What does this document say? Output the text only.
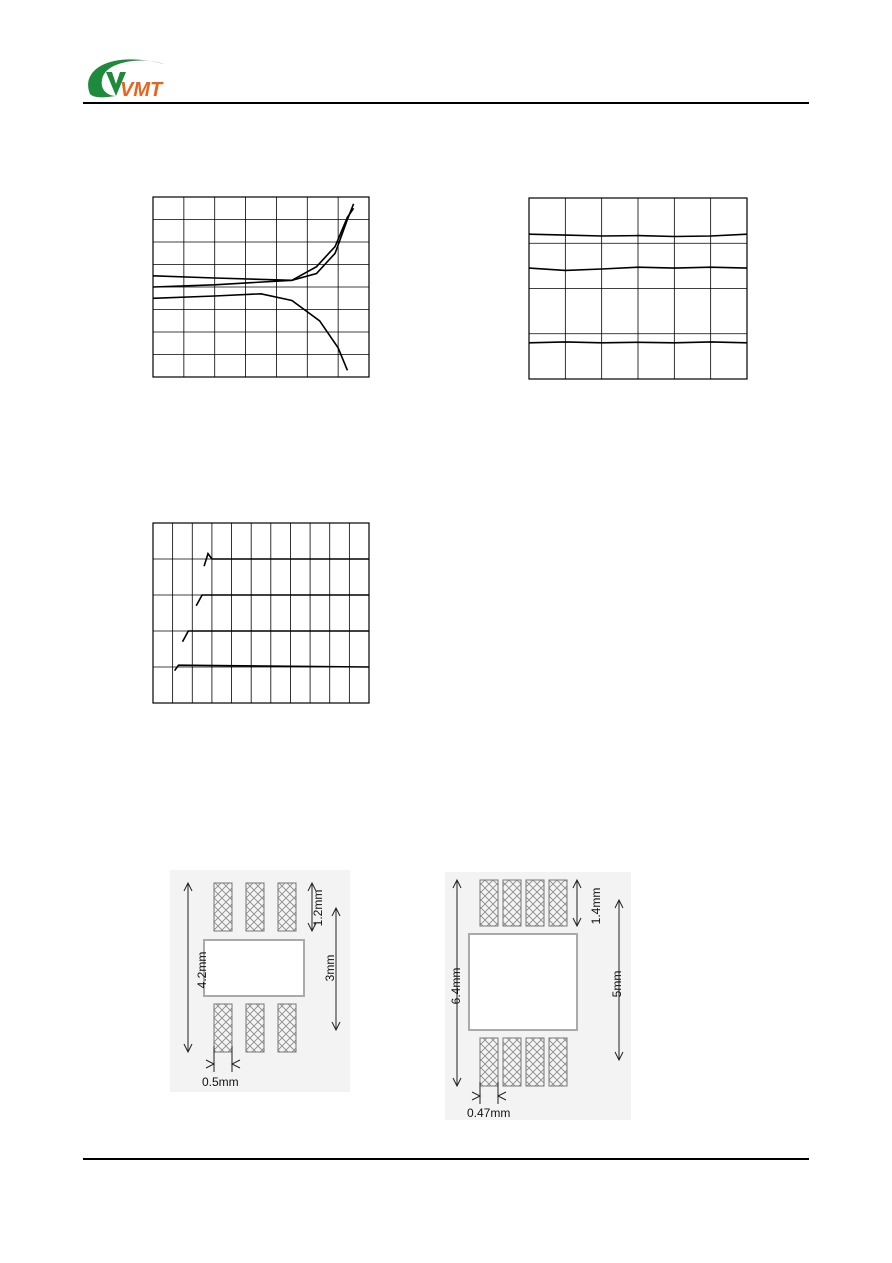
VMT
4.2mm
1.2mm
3mm
0.5mm
6.4mm
1.4mm
5mm
0.47mm
